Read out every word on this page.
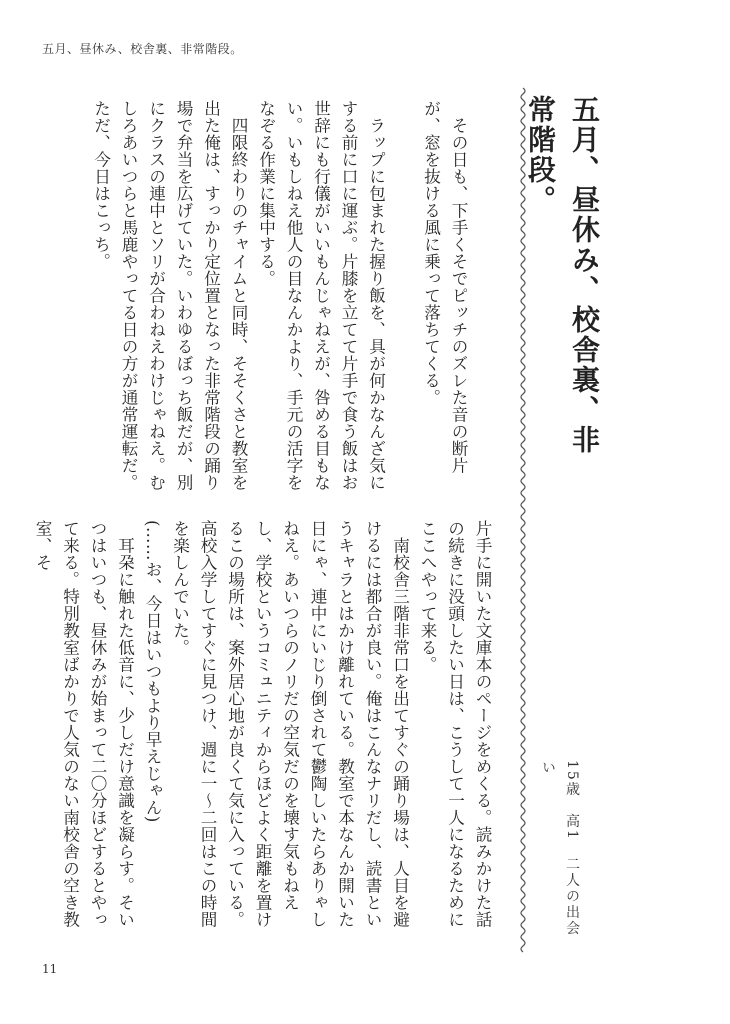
五月、昼休み、校舎裏、非常階段。
五月、昼休み、校舎裏、非常階段。
15歳　高1　二人の出会い

その日も、下手くそでピッチのズレた音の断片が、窓を抜ける風に乗って落ちてくる。

ラップに包まれた握り飯を、具が何かなんざ気にする前に口に運ぶ。片膝を立てて片手で食う飯はお世辞にも行儀がいいもんじゃねえが、咎める目もない。いもしねえ他人の目なんかより、手元の活字をなぞる作業に集中する。

四限終わりのチャイムと同時、そそくさと教室を出た俺は、すっかり定位置となった非常階段の踊り場で弁当を広げていた。いわゆるぼっち飯だが、別にクラスの連中とソリが合わねえわけじゃねえ。むしろあいつらと馬鹿やってる日の方が通常運転だ。ただ、今日はこっち。

片手に開いた文庫本のページをめくる。読みかけた話の続きに没頭したい日は、こうして一人になるためにここへやって来る。

南校舎三階非常口を出てすぐの踊り場は、人目を避けるには都合が良い。俺はこんなナリだし、読書というキャラとはかけ離れている。教室で本なんか開いた日にゃ、連中にいじり倒されて鬱陶しいたらありゃしねえ。あいつらのノリだの空気だのを壊す気もねえし、学校というコミュニティからほどよく距離を置けるこの場所は、案外居心地が良くて気に入っている。高校入学してすぐに見つけ、週に一〜二回はこの時間を楽しんでいた。

(……お、今日はいつもより早えじゃん)

耳朶に触れた低音に、少しだけ意識を凝らす。そいつはいつも、昼休みが始まって二〇分ほどするとやって来る。特別教室ばかりで人気のない南校舎の空き教室、そ

11
